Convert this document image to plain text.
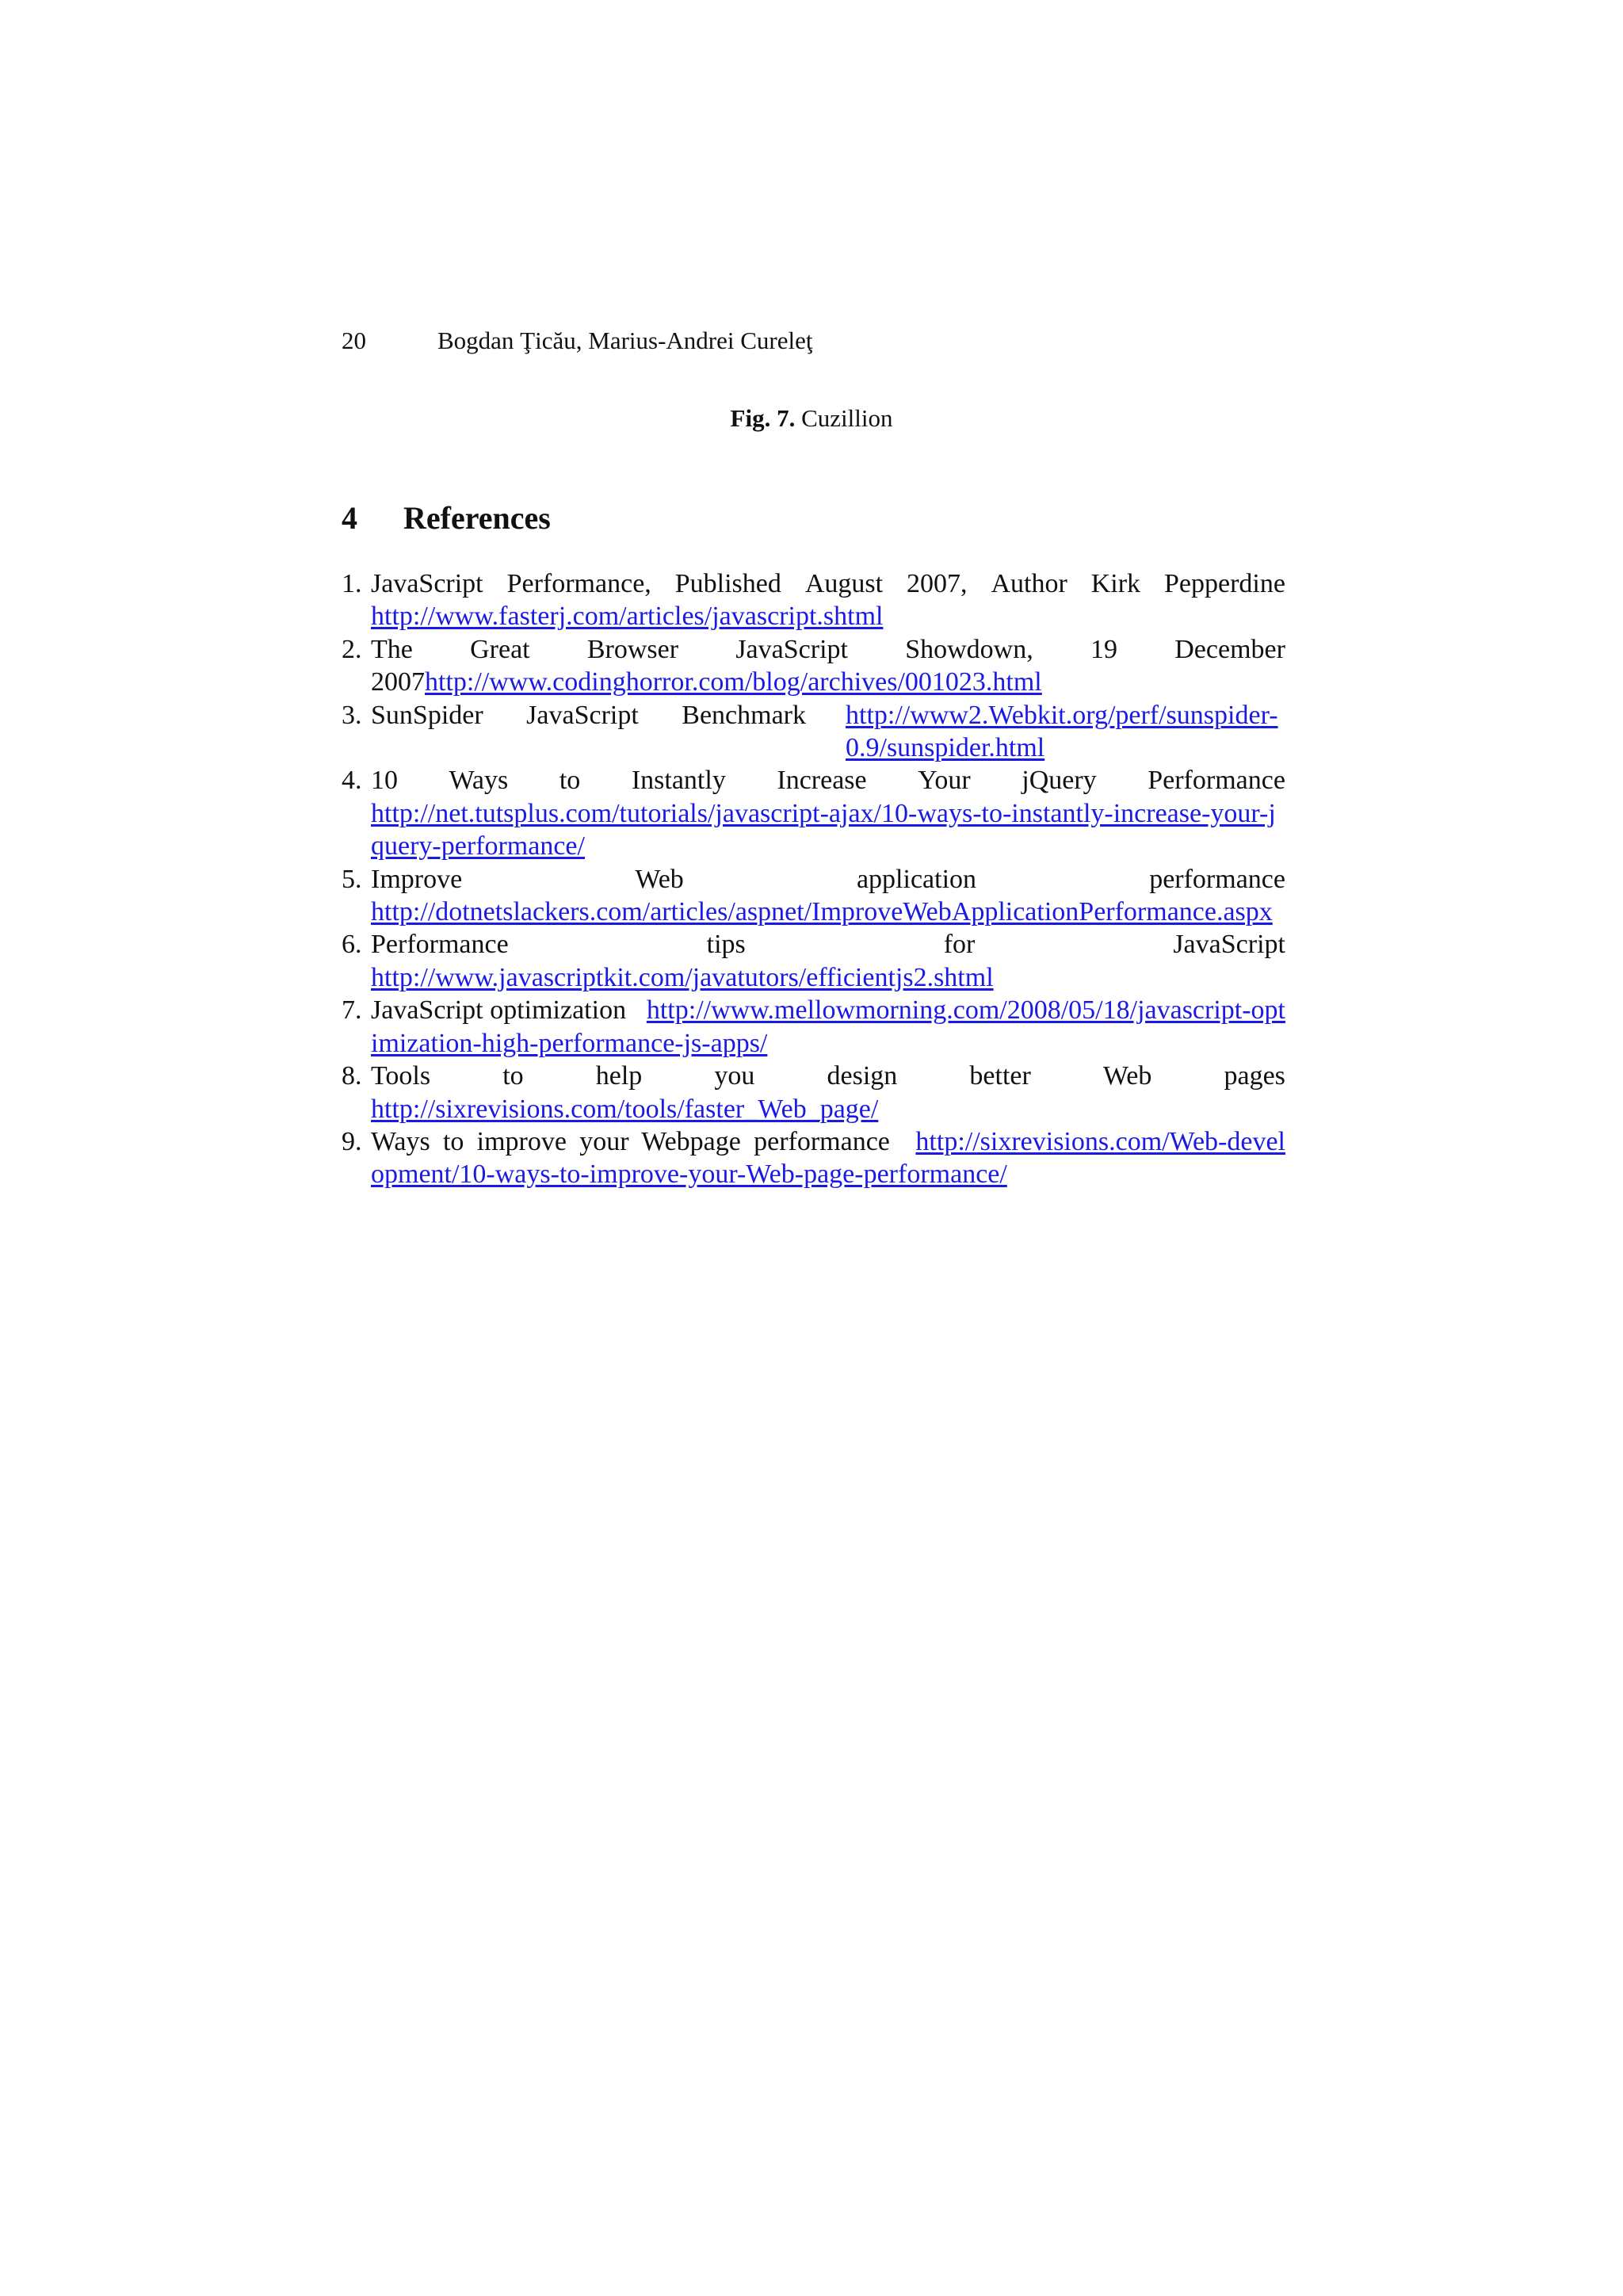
20	Bogdan Ţicău, Marius-Andrei Cureleţ
Fig. 7. Cuzillion
4 References
1. JavaScript Performance, Published August 2007, Author Kirk Pepperdine
http://www.fasterj.com/articles/javascript.shtml
2. The Great Browser JavaScript Showdown, 19 December
2007http://www.codinghorror.com/blog/archives/001023.html
3. SunSpider JavaScript Benchmark http://www2.Webkit.org/perf/sunspider-0.9/sunspider.html
4. 10 Ways to Instantly Increase Your jQuery Performance
http://net.tutsplus.com/tutorials/javascript-ajax/10-ways-to-instantly-increase-your-jquery-performance/
5. Improve	Web	application	performance
http://dotnetslackers.com/articles/aspnet/ImproveWebApplicationPerformance.aspx
6. Performance	tips	for	JavaScript
http://www.javascriptkit.com/javatutors/efficientjs2.shtml
7. JavaScript optimization http://www.mellowmorning.com/2008/05/18/javascript-optimization-high-performance-js-apps/
8. Tools	to	help	you	design	better	Web	pages
http://sixrevisions.com/tools/faster_Web_page/
9. Ways to improve your Webpage performance http://sixrevisions.com/Web-development/10-ways-to-improve-your-Web-page-performance/
